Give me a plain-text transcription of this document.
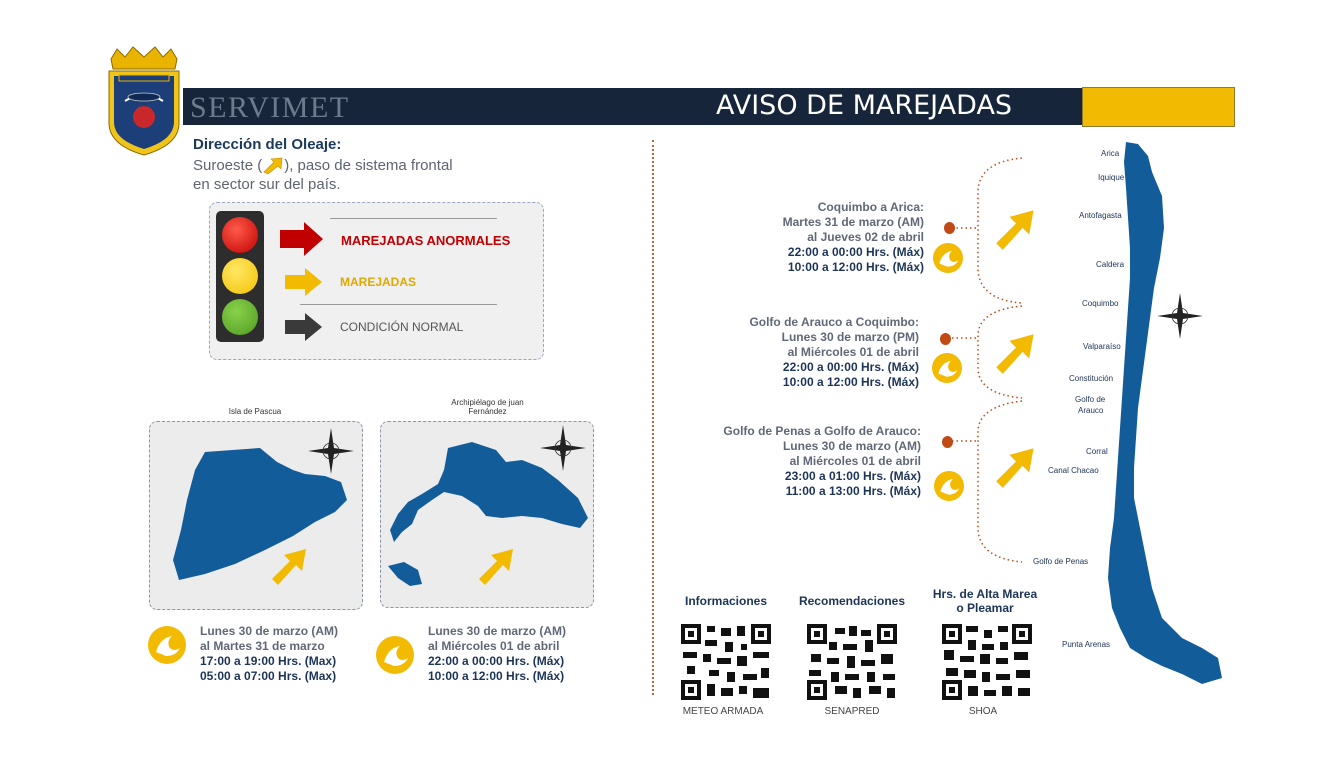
SERVIMET	AVISO DE MAREJADAS
Dirección del Oleaje:
Suroeste ( ), paso de sistema frontal
en sector sur del país.
MAREJADAS ANORMALES
MAREJADAS
CONDICIÓN NORMAL
Isla de Pascua
Archipiélago de juan
Fernández
Lunes 30 de marzo (AM)
al Martes 31 de marzo
17:00 a 19:00 Hrs. (Max)
05:00 a 07:00 Hrs. (Max)
Lunes 30 de marzo (AM)
al Miércoles 01 de abril
22:00 a 00:00 Hrs. (Máx)
10:00 a 12:00 Hrs. (Máx)
Coquimbo a Arica:
Martes 31 de marzo (AM)
al Jueves 02 de abril
22:00 a 00:00 Hrs. (Máx)
10:00 a 12:00 Hrs. (Máx)
Golfo de Arauco a Coquimbo:
Lunes 30 de marzo (PM)
al Miércoles 01 de abril
22:00 a 00:00 Hrs. (Máx)
10:00 a 12:00 Hrs. (Máx)
Golfo de Penas a Golfo de Arauco:
Lunes 30 de marzo (AM)
al Miércoles 01 de abril
23:00 a 01:00 Hrs. (Máx)
11:00 a 13:00 Hrs. (Máx)
Arica
Iquique
Antofagasta
Caldera
Coquimbo
Valparaíso
Constitución
Golfo de
Arauco
Corral
Canal Chacao
Golfo de Penas
Punta Arenas
Informaciones	Recomendaciones	Hrs. de Alta Marea
o Pleamar
METEO ARMADA	SENAPRED	SHOA
